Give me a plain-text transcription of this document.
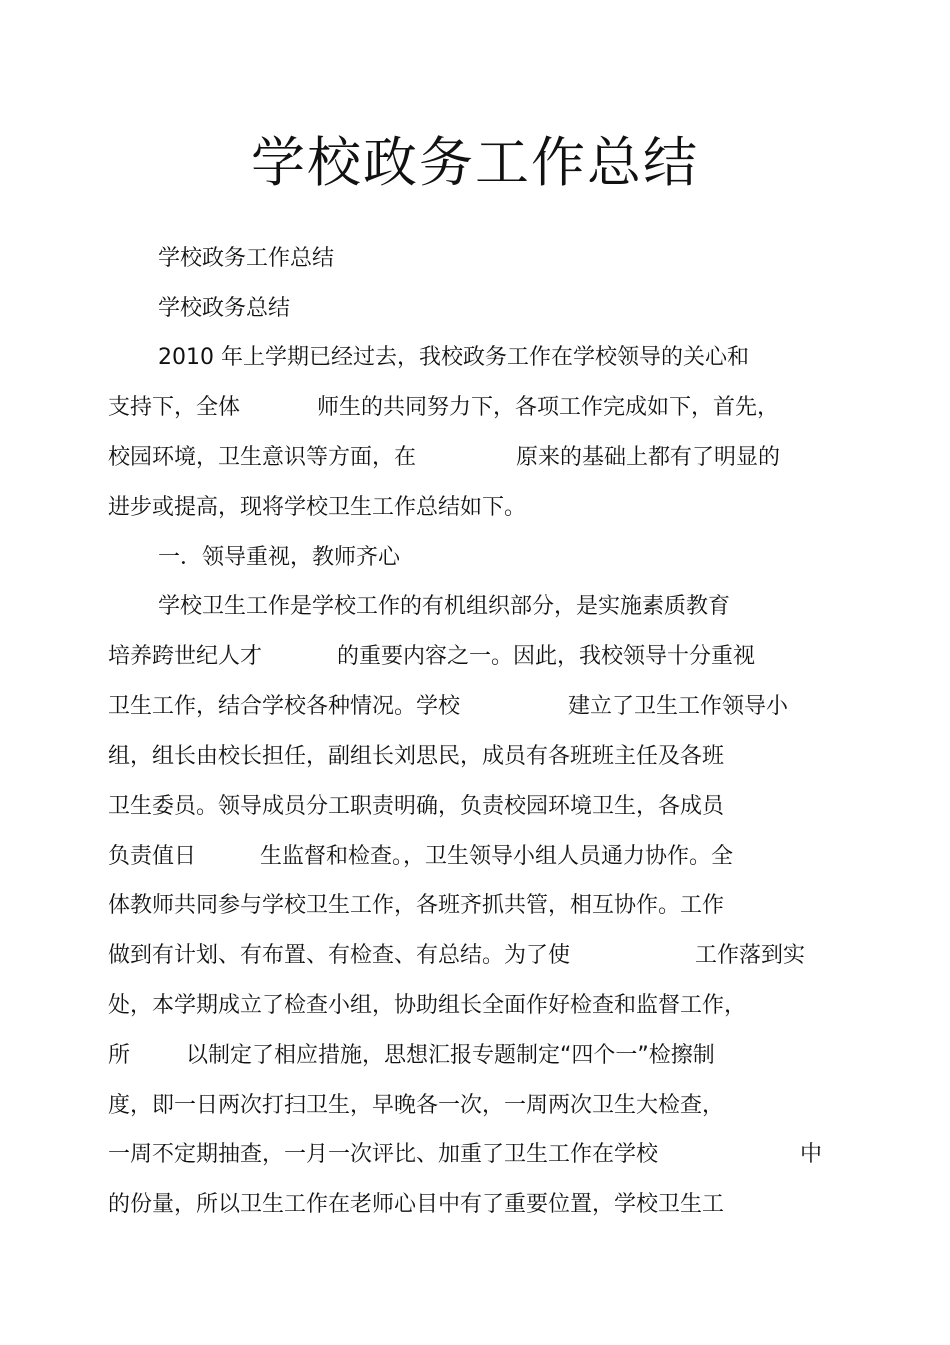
学校政务工作总结
学校政务工作总结
学校政务总结
2010 年上学期已经过去，我校政务工作在学校领导的关心和

支持下，全体

	师生的共同努力下，各项工作完成如下，首先，

校园环境，卫生意识等方面，在

	原来的基础上都有了明显的

进步或提高，现将学校卫生工作总结如下。
一．领导重视，教师齐心
学校卫生工作是学校工作的有机组织部分，是实施素质教育

培养跨世纪人才

	的重要内容之一。因此，我校领导十分重视

卫生工作，结合学校各种情况。学校

	建立了卫生工作领导小

组，组长由校长担任，副组长刘思民，成员有各班班主任及各班
卫生委员。领导成员分工职责明确，负责校园环境卫生，各成员

负责值日

	生监督和检查。，卫生领导小组人员通力协作。全

体教师共同参与学校卫生工作，各班齐抓共管，相互协作。工作

做到有计划、有布置、有检查、有总结。为了使

	工作落到实

处，本学期成立了检查小组，协助组长全面作好检查和监督工作，

所

	以制定了相应措施，思想汇报专题制定“四个一”检擦制

度，即一日两次打扫卫生，早晚各一次，一周两次卫生大检查，

一周不定期抽查，一月一次评比、加重了卫生工作在学校

	中

的份量，所以卫生工作在老师心目中有了重要位置，学校卫生工
